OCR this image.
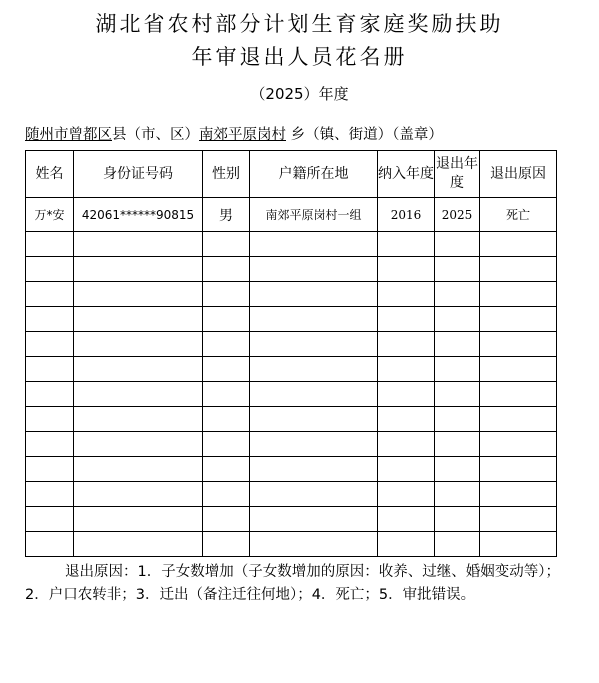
湖北省农村部分计划生育家庭奖励扶助
年审退出人员花名册
（2025）年度
随州市曾都区县（市、区）南郊平原岗村 乡（镇、街道）（盖章）
姓名	身份证号码	性别	户籍所在地	纳入年度	退出年度	退出原因
万*安	42061******90815	男	南郊平原岗村一组	2016	2025	死亡

退出原因：1．子女数增加（子女数增加的原因：收养、过继、婚姻变动等）；2．户口农转非；3．迁出（备注迁往何地）；4．死亡；5．审批错误。
